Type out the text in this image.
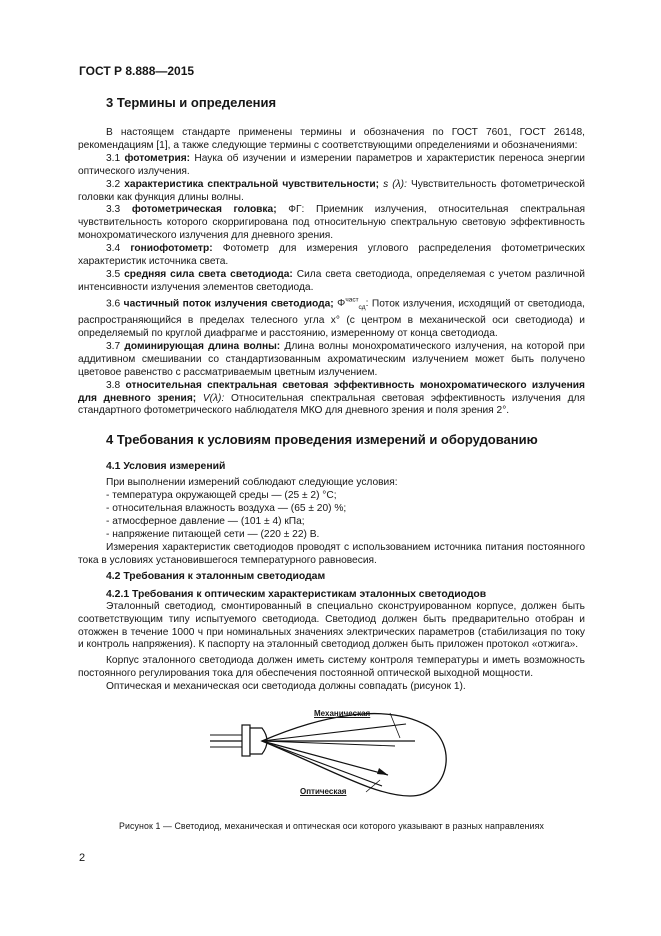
ГОСТ Р 8.888—2015
3 Термины и определения

В настоящем стандарте применены термины и обозначения по ГОСТ 7601, ГОСТ 26148, рекомендациям [1], а также следующие термины с соответствующими определениями и обозначениями:

3.1 фотометрия: Наука об изучении и измерении параметров и характеристик переноса энергии оптического излучения.

3.2 характеристика спектральной чувствительности; s (λ): Чувствительность фотометрической головки как функция длины волны.

3.3 фотометрическая головка; ФГ: Приемник излучения, относительная спектральная чувствительность которого скорригирована под относительную спектральную световую эффективность монохроматического излучения для дневного зрения.

3.4 гониофотометр: Фотометр для измерения углового распределения фотометрических характеристик источника света.

3.5 средняя сила света светодиода: Сила света светодиода, определяемая с учетом различной интенсивности излучения элементов светодиода.

3.6 частичный поток излучения светодиода; $\Phi^{част}_{сд}$: Поток излучения, исходящий от светодиода, распространяющийся в пределах телесного угла x° (с центром в механической оси светодиода) и определяемый по круглой диафрагме и расстоянию, измеренному от конца светодиода.

3.7 доминирующая длина волны: Длина волны монохроматического излучения, на которой при аддитивном смешивании со стандартизованным ахроматическим излучением может быть получено цветовое равенство с рассматриваемым цветным излучением.

3.8 относительная спектральная световая эффективность монохроматического излучения для дневного зрения; V(λ): Относительная спектральная световая эффективность излучения для стандартного фотометрического наблюдателя МКО для дневного зрения и поля зрения 2°.

4 Требования к условиям проведения измерений и оборудованию
4.1 Условия измерений

При выполнении измерений соблюдают следующие условия:

- температура окружающей среды — (25 ± 2) °С;
- относительная влажность воздуха — (65 ± 20) %;
- атмосферное давление — (101 ± 4) кПа;
- напряжение питающей сети — (220 ± 22) В.

Измерения характеристик светодиодов проводят с использованием источника питания постоянного тока в условиях установившегося температурного равновесия.

4.2 Требования к эталонным светодиодам
4.2.1 Требования к оптическим характеристикам эталонных светодиодов

Эталонный светодиод, смонтированный в специально сконструированном корпусе, должен быть соответствующим типу испытуемого светодиода. Светодиод должен быть предварительно отобран и отожжен в течение 1000 ч при номинальных значениях электрических параметров (стабилизация по току и контроль напряжения). К паспорту на эталонный светодиод должен быть приложен протокол «отжига».

Корпус эталонного светодиода должен иметь систему контроля температуры и иметь возможность постоянного регулирования тока для обеспечения постоянной оптической выходной мощности.

Оптическая и механическая оси светодиода должны совпадать (рисунок 1).

Механическая
Оптическая
Рисунок 1 — Светодиод, механическая и оптическая оси которого указывают в разных направлениях
2
